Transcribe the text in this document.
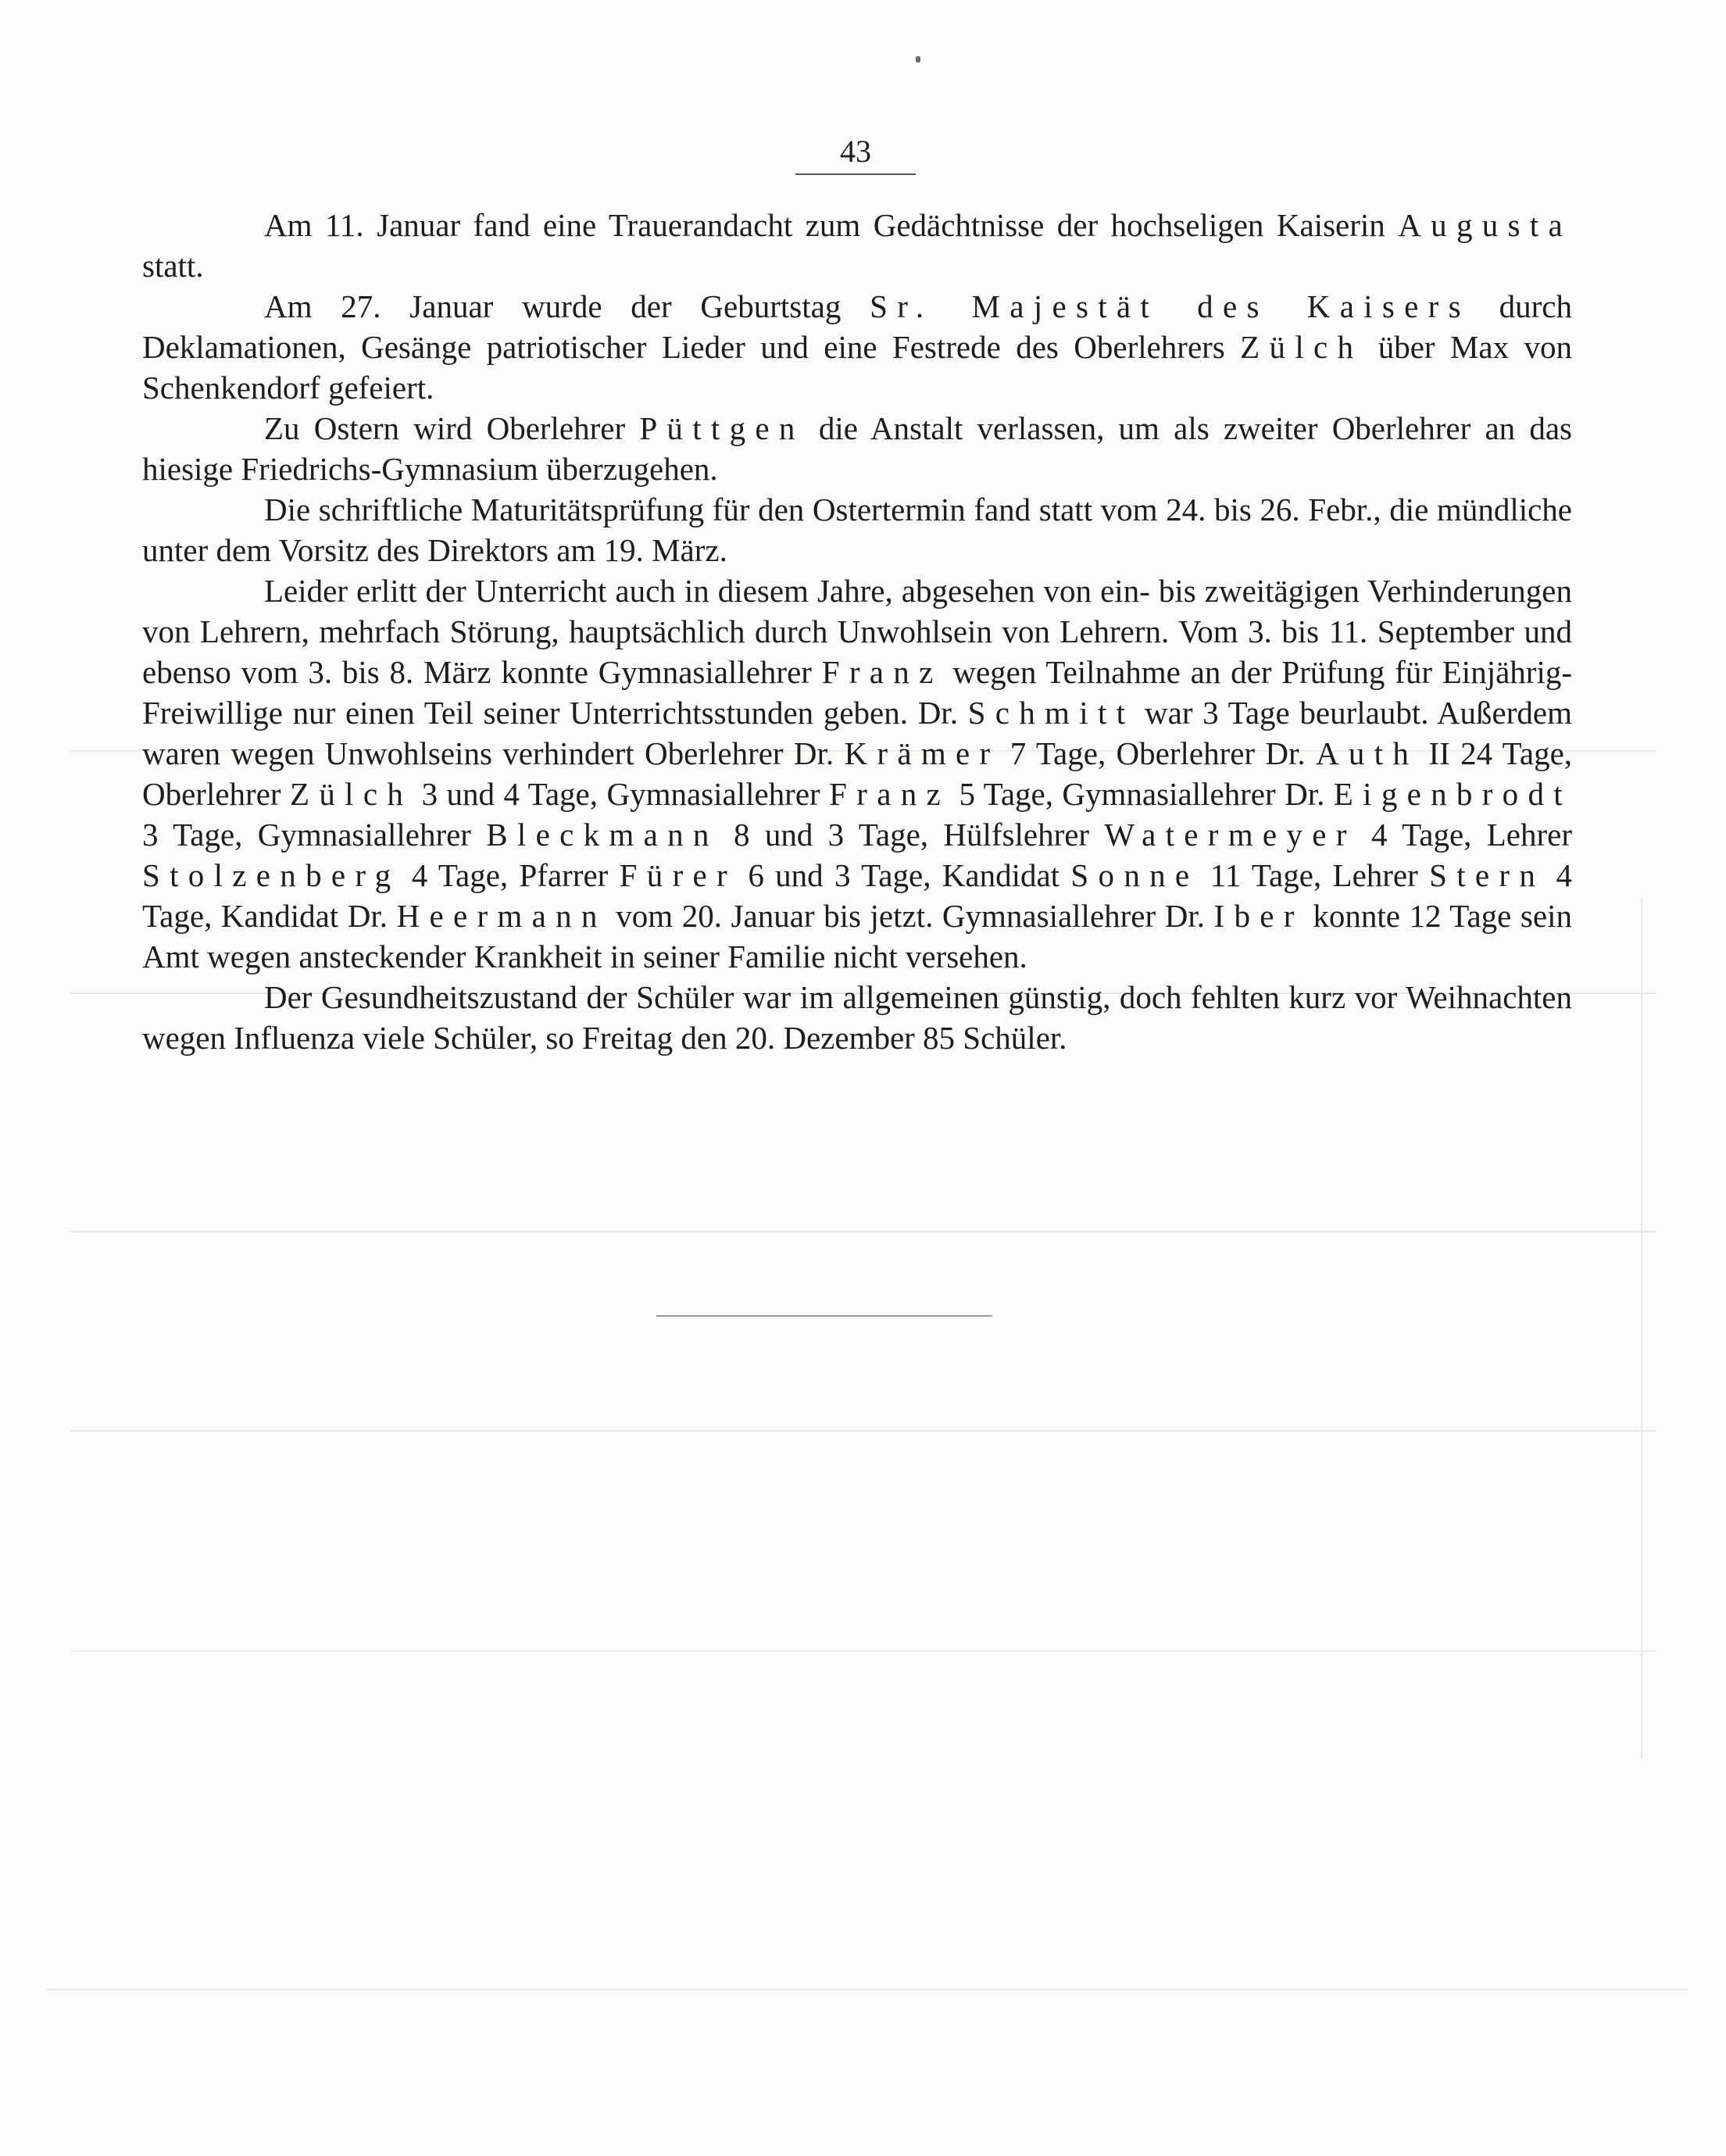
43

Am 11. Januar fand eine Trauerandacht zum Gedächtnisse der hochseligen Kaiserin Augusta statt.

Am 27. Januar wurde der Geburtstag Sr. Majestät des Kaisers durch Deklamationen, Gesänge patriotischer Lieder und eine Festrede des Oberlehrers Zülch über Max von Schenkendorf gefeiert.

Zu Ostern wird Oberlehrer Püttgen die Anstalt verlassen, um als zweiter Oberlehrer an das hiesige Friedrichs-Gymnasium überzugehen.

Die schriftliche Maturitätsprüfung für den Ostertermin fand statt vom 24. bis 26. Febr., die mündliche unter dem Vorsitz des Direktors am 19. März.

Leider erlitt der Unterricht auch in diesem Jahre, abgesehen von ein- bis zweitägigen Verhinderungen von Lehrern, mehrfach Störung, hauptsächlich durch Unwohlsein von Lehrern. Vom 3. bis 11. September und ebenso vom 3. bis 8. März konnte Gymnasiallehrer Franz wegen Teilnahme an der Prüfung für Einjährig-Freiwillige nur einen Teil seiner Unterrichtsstunden geben. Dr. Schmitt war 3 Tage beurlaubt. Außerdem waren wegen Unwohlseins verhindert Oberlehrer Dr. Krämer 7 Tage, Oberlehrer Dr. Auth II 24 Tage, Oberlehrer Zülch 3 und 4 Tage, Gymnasiallehrer Franz 5 Tage, Gymnasiallehrer Dr. Eigenbrodt 3 Tage, Gymnasiallehrer Bleckmann 8 und 3 Tage, Hülfslehrer Watermeyer 4 Tage, Lehrer Stolzenberg 4 Tage, Pfarrer Fürer 6 und 3 Tage, Kandidat Sonne 11 Tage, Lehrer Stern 4 Tage, Kandidat Dr. Heermann vom 20. Januar bis jetzt. Gymnasiallehrer Dr. Iber konnte 12 Tage sein Amt wegen ansteckender Krankheit in seiner Familie nicht versehen.

Der Gesundheitszustand der Schüler war im allgemeinen günstig, doch fehlten kurz vor Weihnachten wegen Influenza viele Schüler, so Freitag den 20. Dezember 85 Schüler.
